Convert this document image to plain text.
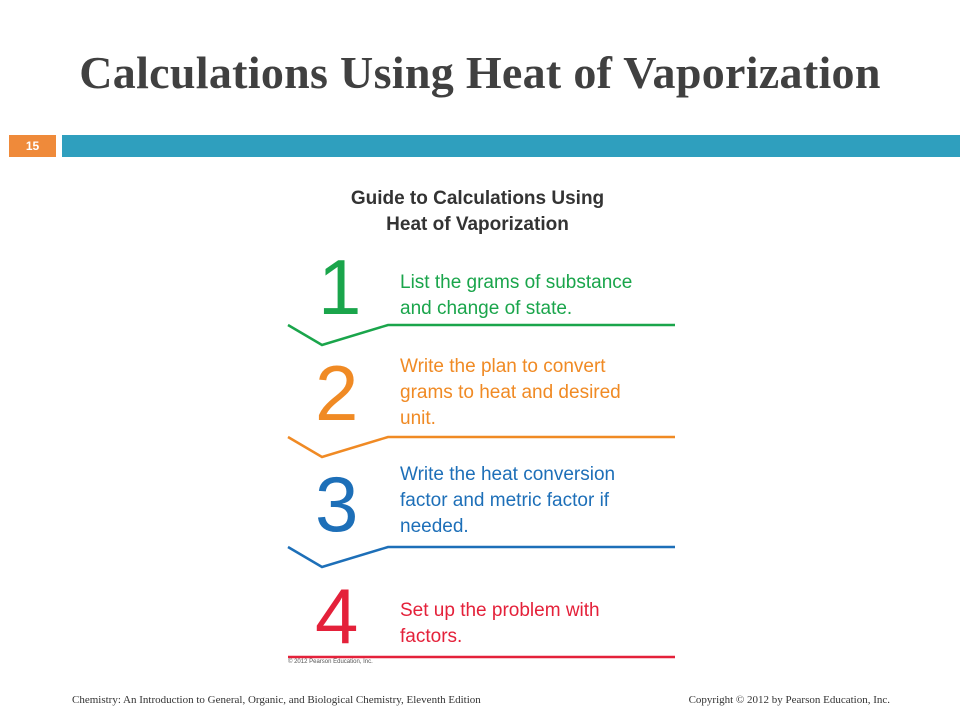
Calculations Using Heat of Vaporization
15
Guide to Calculations Using
Heat of Vaporization
1 List the grams of substance
and change of state.
2 Write the plan to convert
grams to heat and desired
unit.
3 Write the heat conversion
factor and metric factor if
needed.
4 Set up the problem with
factors.
© 2012 Pearson Education, Inc.
Chemistry: An Introduction to General, Organic, and Biological Chemistry, Eleventh Edition	Copyright © 2012 by Pearson Education, Inc.
